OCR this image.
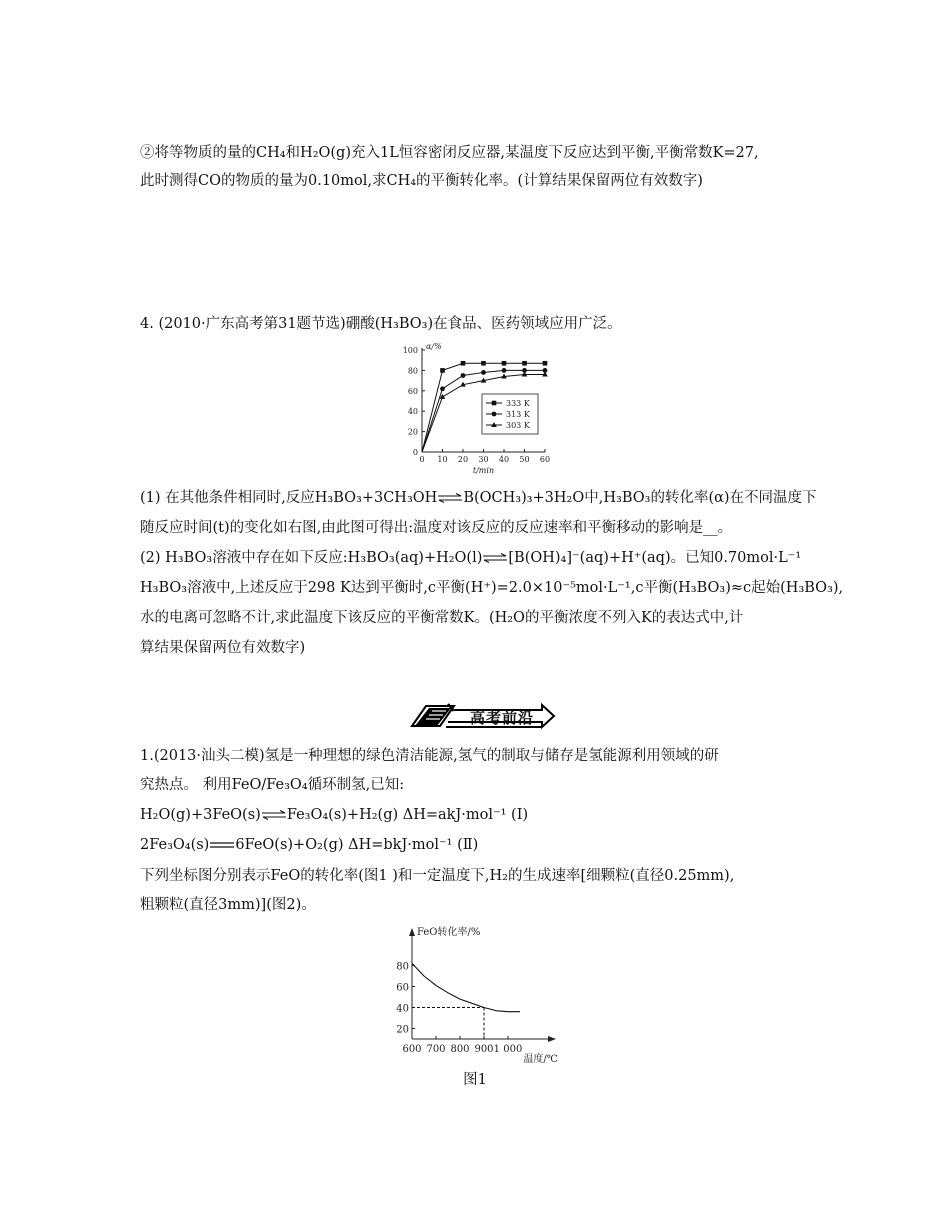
②将等物质的量的CH₄和H₂O(g)充入1L恒容密闭反应器,某温度下反应达到平衡,平衡常数K=27,
此时测得CO的物质的量为0.10mol,求CH₄的平衡转化率。(计算结果保留两位有效数字)
4. (2010·广东高考第31题节选)硼酸(H₃BO₃)在食品、医药领域应用广泛。
0 10 20 30 40 50 60
0
20
40
60
80
100 α/%
t/min
333 K
313 K
303 K
(1) 在其他条件相同时,反应H₃BO₃+3CH₃OH⇌B(OCH₃)₃+3H₂O中,H₃BO₃的转化率(α)在不同温度下
随反应时间(t)的变化如右图,由此图可得出:温度对该反应的反应速率和平衡移动的影响是__。
(2) H₃BO₃溶液中存在如下反应:H₃BO₃(aq)+H₂O(l)⇌[B(OH)₄]⁻(aq)+H⁺(aq)。已知0.70mol·L⁻¹
H₃BO₃溶液中,上述反应于298 K达到平衡时,c平衡(H⁺)=2.0×10⁻⁵mol·L⁻¹,c平衡(H₃BO₃)≈c起始(H₃BO₃),
水的电离可忽略不计,求此温度下该反应的平衡常数K。(H₂O的平衡浓度不列入K的表达式中,计
算结果保留两位有效数字)
高考前沿
1.(2013·汕头二模)氢是一种理想的绿色清洁能源,氢气的制取与储存是氢能源利用领域的研
究热点。 利用FeO/Fe₃O₄循环制氢,已知:
H₂O(g)+3FeO(s)⇌Fe₃O₄(s)+H₂(g) ΔH=akJ·mol⁻¹ (Ⅰ)
2Fe₃O₄(s) 6FeO(s)+O₂(g) ΔH=bkJ·mol⁻¹ (Ⅱ)
下列坐标图分别表示FeO的转化率(图1 )和一定温度下,H₂的生成速率[细颗粒(直径0.25mm),
粗颗粒(直径3mm)](图2)。
600 700 800 900 1 000
20
40
60
80
FeO转化率/%
温度/℃
图1
